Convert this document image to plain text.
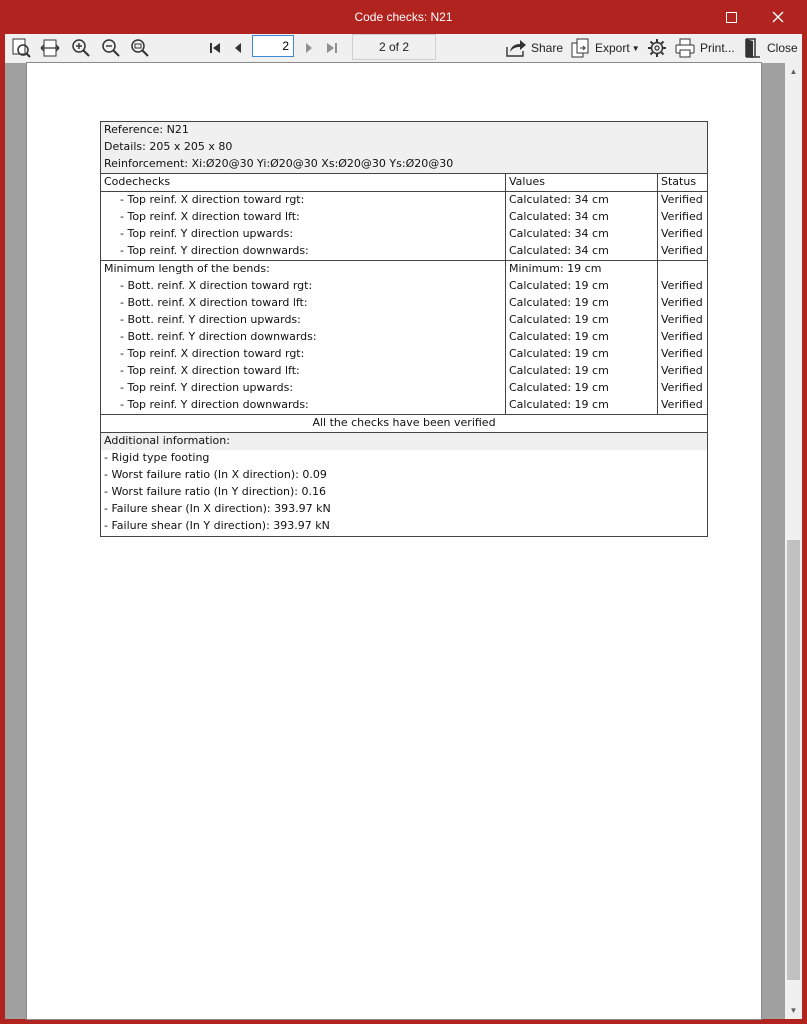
Code checks: N21
2	2 of 2	Share	Export ▼	Print...	Close
Reference: N21
Details: 205 x 205 x 80
Reinforcement: Xi:Ø20@30 Yi:Ø20@30 Xs:Ø20@30 Ys:Ø20@30
Codechecks	Values	Status
- Top reinf. X direction toward rgt:	Calculated: 34 cm	Verified
- Top reinf. X direction toward lft:	Calculated: 34 cm	Verified
- Top reinf. Y direction upwards:	Calculated: 34 cm	Verified
- Top reinf. Y direction downwards:	Calculated: 34 cm	Verified
Minimum length of the bends:	Minimum: 19 cm
- Bott. reinf. X direction toward rgt:	Calculated: 19 cm	Verified
- Bott. reinf. X direction toward lft:	Calculated: 19 cm	Verified
- Bott. reinf. Y direction upwards:	Calculated: 19 cm	Verified
- Bott. reinf. Y direction downwards:	Calculated: 19 cm	Verified
- Top reinf. X direction toward rgt:	Calculated: 19 cm	Verified
- Top reinf. X direction toward lft:	Calculated: 19 cm	Verified
- Top reinf. Y direction upwards:	Calculated: 19 cm	Verified
- Top reinf. Y direction downwards:	Calculated: 19 cm	Verified
All the checks have been verified
Additional information:
- Rigid type footing
- Worst failure ratio (In X direction): 0.09
- Worst failure ratio (In Y direction): 0.16
- Failure shear (In X direction): 393.97 kN
- Failure shear (In Y direction): 393.97 kN
▲
▼
